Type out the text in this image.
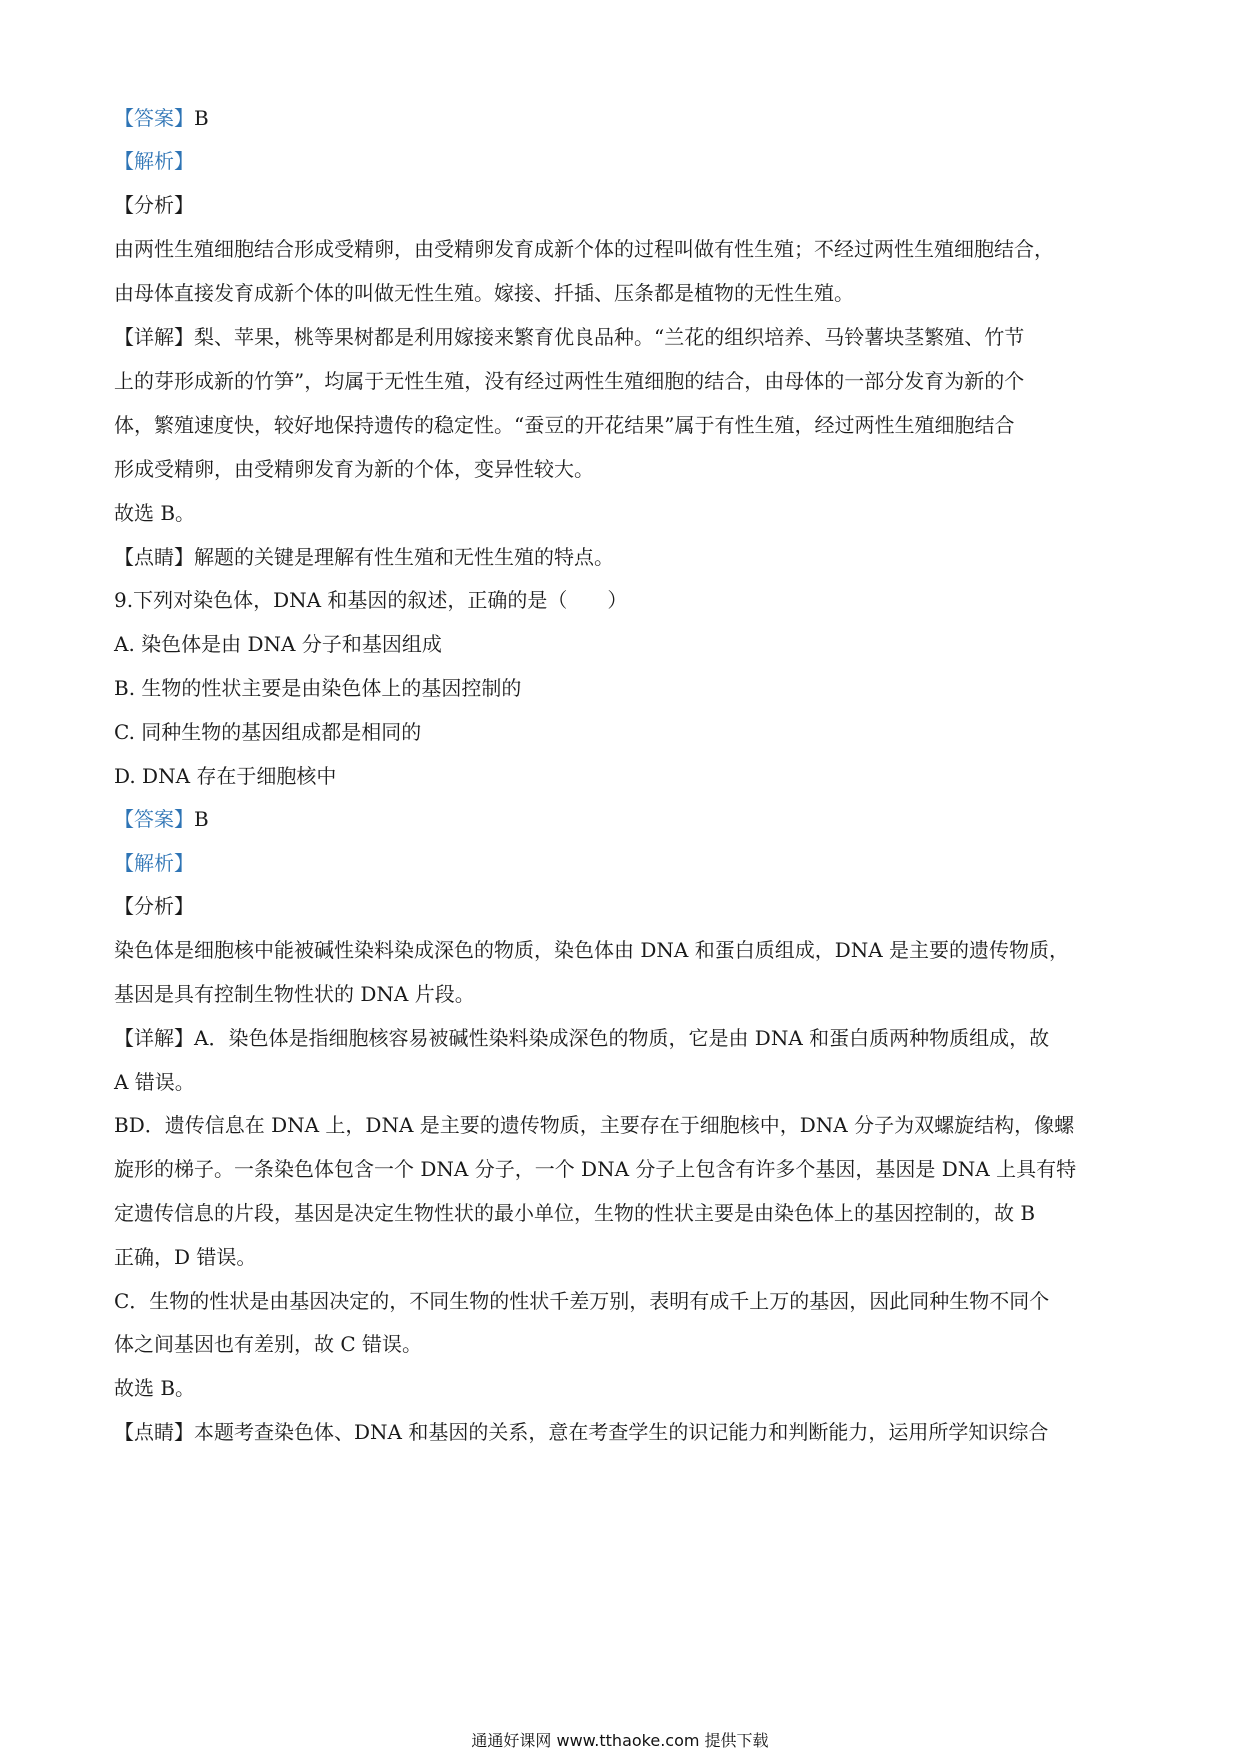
【答案】B
【解析】
【分析】
由两性生殖细胞结合形成受精卵，由受精卵发育成新个体的过程叫做有性生殖；不经过两性生殖细胞结合，
由母体直接发育成新个体的叫做无性生殖。嫁接、扦插、压条都是植物的无性生殖。
【详解】梨、苹果，桃等果树都是利用嫁接来繁育优良品种。“兰花的组织培养、马铃薯块茎繁殖、竹节
上的芽形成新的竹笋”，均属于无性生殖，没有经过两性生殖细胞的结合，由母体的一部分发育为新的个
体，繁殖速度快，较好地保持遗传的稳定性。“蚕豆的开花结果”属于有性生殖，经过两性生殖细胞结合
形成受精卵，由受精卵发育为新的个体，变异性较大。
故选 B。
【点睛】解题的关键是理解有性生殖和无性生殖的特点。
9.下列对染色体，DNA 和基因的叙述，正确的是（　　）
A. 染色体是由 DNA 分子和基因组成
B. 生物的性状主要是由染色体上的基因控制的
C. 同种生物的基因组成都是相同的
D. DNA 存在于细胞核中
【答案】B
【解析】
【分析】
染色体是细胞核中能被碱性染料染成深色的物质，染色体由 DNA 和蛋白质组成，DNA 是主要的遗传物质，
基因是具有控制生物性状的 DNA 片段。
【详解】A．染色体是指细胞核容易被碱性染料染成深色的物质，它是由 DNA 和蛋白质两种物质组成，故
A 错误。
BD．遗传信息在 DNA 上，DNA 是主要的遗传物质，主要存在于细胞核中，DNA 分子为双螺旋结构，像螺
旋形的梯子。一条染色体包含一个 DNA 分子，一个 DNA 分子上包含有许多个基因，基因是 DNA 上具有特
定遗传信息的片段，基因是决定生物性状的最小单位，生物的性状主要是由染色体上的基因控制的，故 B
正确，D 错误。
C．生物的性状是由基因决定的，不同生物的性状千差万别，表明有成千上万的基因，因此同种生物不同个
体之间基因也有差别，故 C 错误。
故选 B。
【点睛】本题考查染色体、DNA 和基因的关系，意在考查学生的识记能力和判断能力，运用所学知识综合
通通好课网 www.tthaoke.com 提供下载
